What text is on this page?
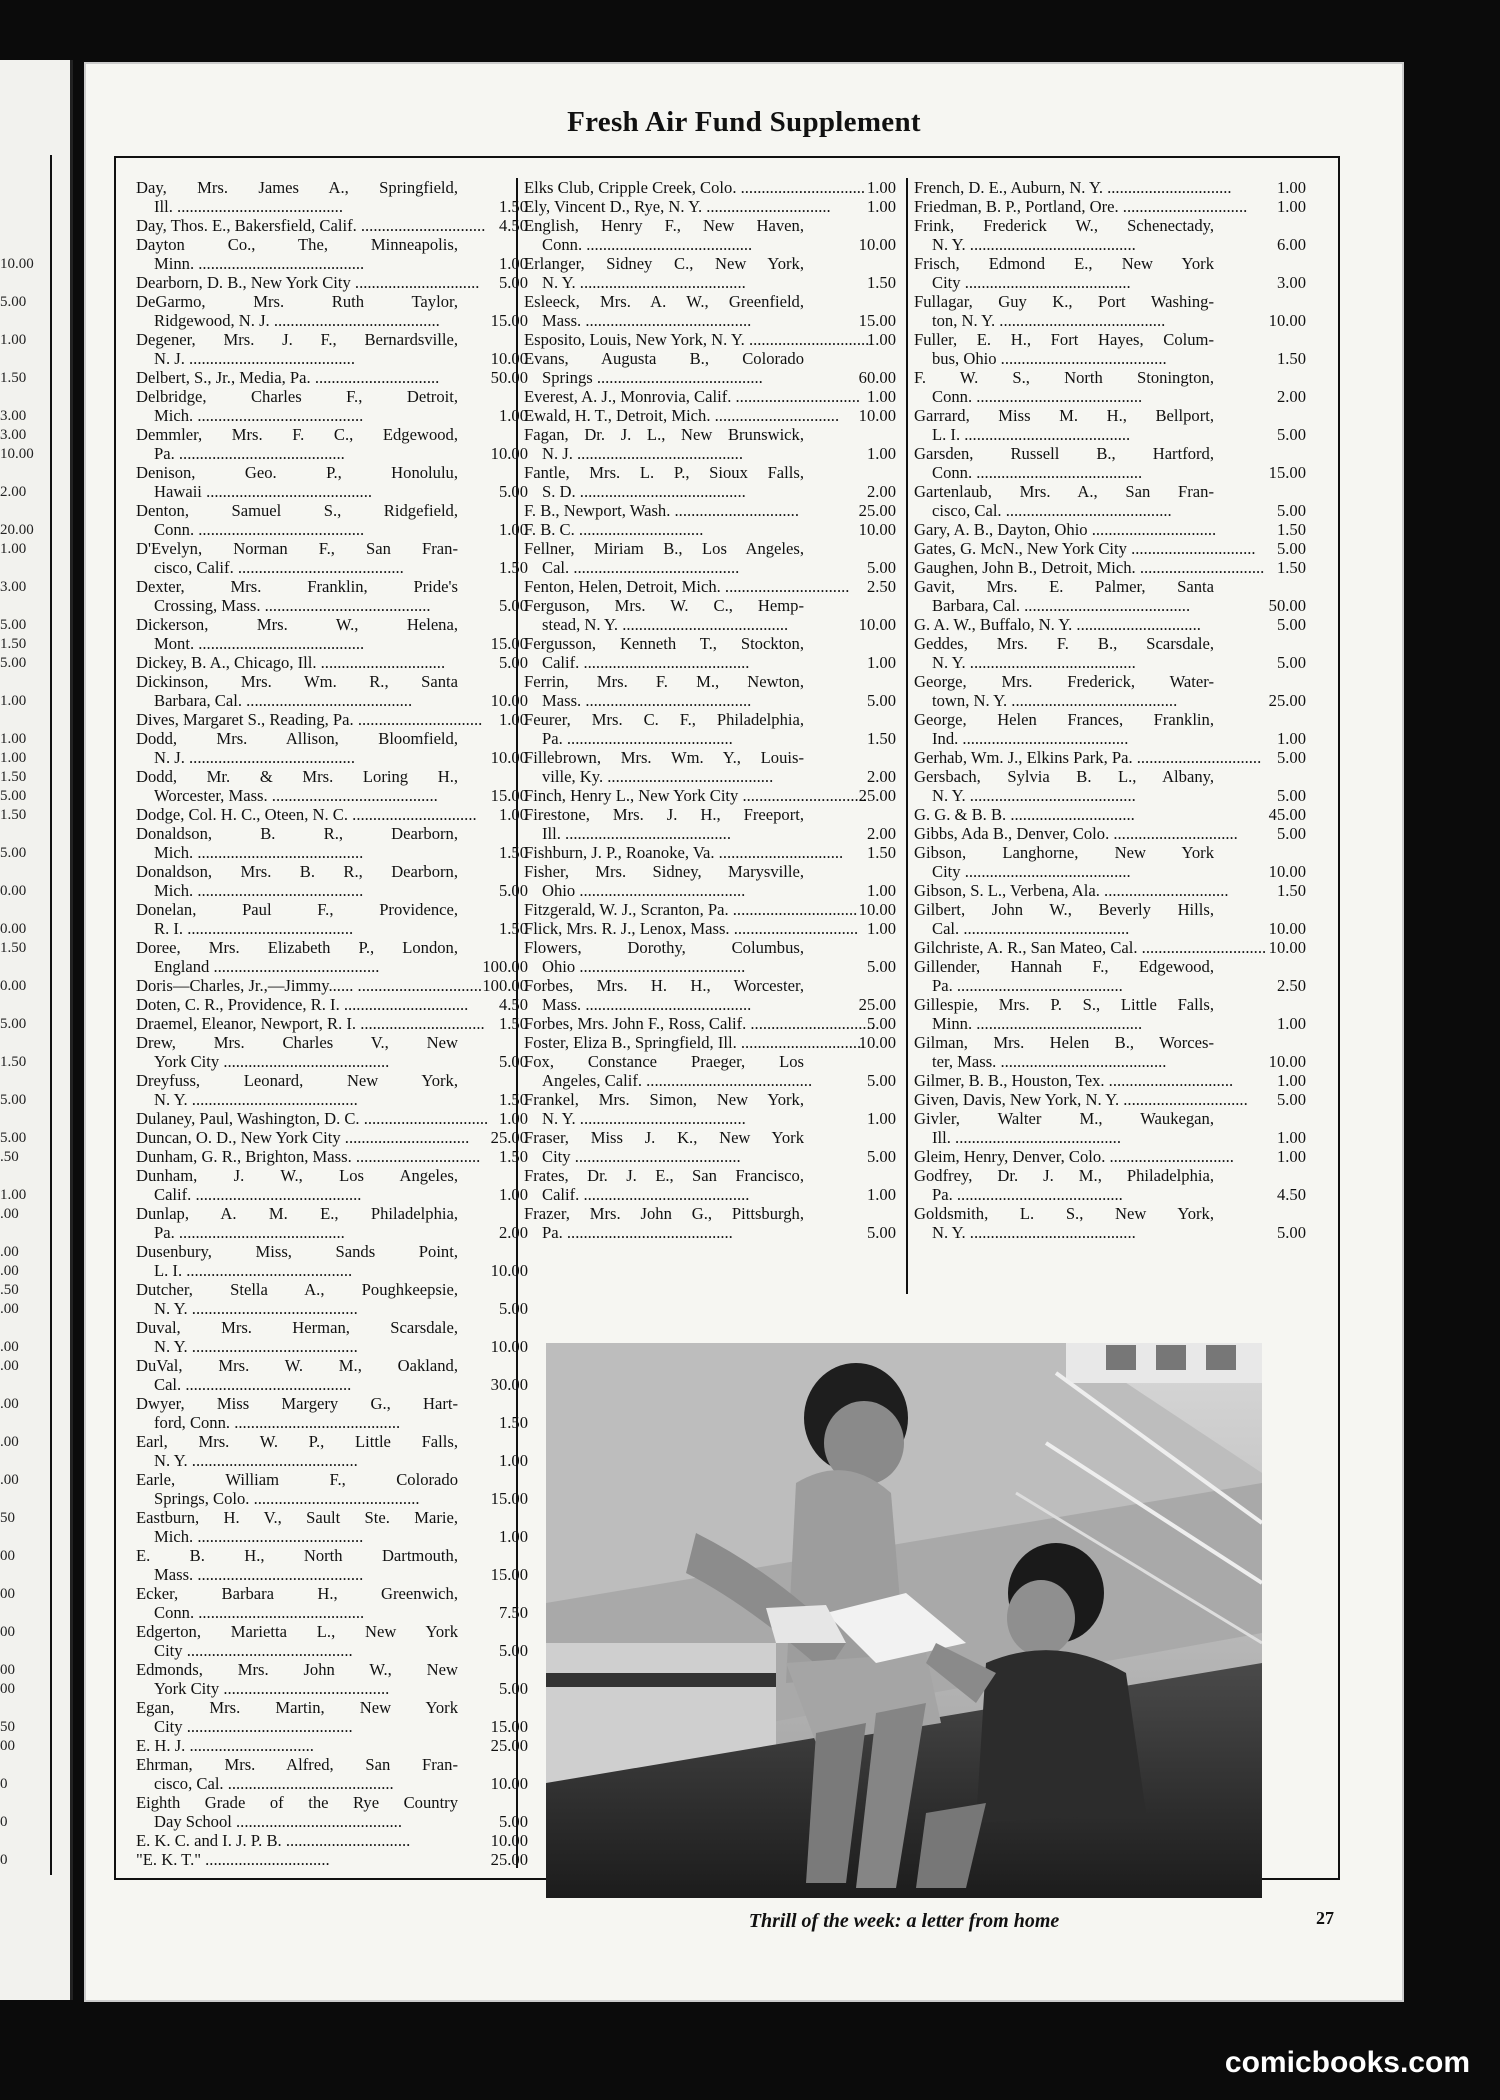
10.00

5.00

1.00

1.50

3.00
3.00
10.00

2.00

20.00
1.00

3.00

5.00
1.50
5.00

1.00

1.00
1.00
1.50
5.00
1.50

5.00

0.00

0.00
1.50

0.00

5.00

1.50

5.00

5.00
.50

1.00
.00

.00
.00
.50
.00

.00
.00

.00

.00

.00

50

00

00

00

00
00

50
00

0

0

0
Fresh Air Fund Supplement
Day, Mrs. James A., Springfield,
Ill. ........................................	1.50
Day, Thos. E., Bakersfield, Calif. .............................. 4.50
Dayton Co., The, Minneapolis,
Minn. ........................................	1.00
Dearborn, D. B., New York City ..............................	5.00
DeGarmo, Mrs. Ruth Taylor,
Ridgewood, N. J. ........................................	15.00
Degener, Mrs. J. F., Bernardsville,
N. J. ........................................	10.00
Delbert, S., Jr., Media, Pa. ..............................	50.00
Delbridge, Charles F., Detroit,
Mich. ........................................	1.00
Demmler, Mrs. F. C., Edgewood,
Pa. ........................................	10.00
Denison, Geo. P., Honolulu,
Hawaii ........................................	5.00
Denton, Samuel S., Ridgefield,
Conn. ........................................	1.00
D'Evelyn, Norman F., San Fran-
cisco, Calif. ........................................	1.50
Dexter, Mrs. Franklin, Pride's
Crossing, Mass. ........................................	5.00
Dickerson, Mrs. W., Helena,
Mont. ........................................	15.00
Dickey, B. A., Chicago, Ill. ..............................	5.00
Dickinson, Mrs. Wm. R., Santa
Barbara, Cal. ........................................	10.00
Dives, Margaret S., Reading, Pa. ..............................	1.00
Dodd, Mrs. Allison, Bloomfield,
N. J. ........................................	10.00
Dodd, Mr. & Mrs. Loring H.,
Worcester, Mass. ........................................	15.00
Dodge, Col. H. C., Oteen, N. C. ..............................	1.00
Donaldson, B. R., Dearborn,
Mich. ........................................	1.50
Donaldson, Mrs. B. R., Dearborn,
Mich. ........................................	5.00
Donelan, Paul F., Providence,
R. I. ........................................	1.50
Doree, Mrs. Elizabeth P., London,
England ........................................	100.00
Doris—Charles, Jr.,—Jimmy...... .............................. 100.00
Doten, C. R., Providence, R. I. ..............................	4.50
Draemel, Eleanor, Newport, R. I. .............................. 1.50
Drew, Mrs. Charles V., New
York City ........................................	5.00
Dreyfuss, Leonard, New York,
N. Y. ........................................	1.50
Dulaney, Paul, Washington, D. C. .............................. 1.00
Duncan, O. D., New York City ..............................	25.00
Dunham, G. R., Brighton, Mass. ..............................	1.50
Dunham, J. W., Los Angeles,
Calif. ........................................	1.00
Dunlap, A. M. E., Philadelphia,
Pa. ........................................	2.00
Dusenbury, Miss, Sands Point,
L. I. ........................................	10.00
Dutcher, Stella A., Poughkeepsie,
N. Y. ........................................	5.00
Duval, Mrs. Herman, Scarsdale,
N. Y. ........................................	10.00
DuVal, Mrs. W. M., Oakland,
Cal. ........................................	30.00
Dwyer, Miss Margery G., Hart-
ford, Conn. ........................................	1.50
Earl, Mrs. W. P., Little Falls,
N. Y. ........................................	1.00
Earle, William F., Colorado
Springs, Colo. ........................................	15.00
Eastburn, H. V., Sault Ste. Marie,
Mich. ........................................	1.00
E. B. H., North Dartmouth,
Mass. ........................................	15.00
Ecker, Barbara H., Greenwich,
Conn. ........................................	7.50
Edgerton, Marietta L., New York
City ........................................	5.00
Edmonds, Mrs. John W., New
York City ........................................	5.00
Egan, Mrs. Martin, New York
City ........................................	15.00
E. H. J. ..............................	25.00
Ehrman, Mrs. Alfred, San Fran-
cisco, Cal. ........................................	10.00
Eighth Grade of the Rye Country
Day School ........................................	5.00
E. K. C. and I. J. P. B. ..............................	10.00
"E. K. T." ..............................	25.00
Elks Club, Cripple Creek, Colo. .............................. 1.00
Ely, Vincent D., Rye, N. Y. ..............................	1.00
English, Henry F., New Haven,
Conn. ........................................	10.00
Erlanger, Sidney C., New York,
N. Y. ........................................	1.50
Esleeck, Mrs. A. W., Greenfield,
Mass. ........................................	15.00
Esposito, Louis, New York, N. Y. ..............................
1.00
Evans, Augusta B., Colorado
Springs ........................................	60.00
Everest, A. J., Monrovia, Calif. .............................. 1.00
Ewald, H. T., Detroit, Mich. ..............................	10.00
Fagan, Dr. J. L., New Brunswick,
N. J. ........................................	1.00
Fantle, Mrs. L. P., Sioux Falls,
S. D. ........................................	2.00
F. B., Newport, Wash. ..............................	25.00
F. B. C. ..............................	10.00
Fellner, Miriam B., Los Angeles,
Cal. ........................................	5.00
Fenton, Helen, Detroit, Mich. ..............................	2.50
Ferguson, Mrs. W. C., Hemp-
stead, N. Y. ........................................	10.00
Fergusson, Kenneth T., Stockton,
Calif. ........................................	1.00
Ferrin, Mrs. F. M., Newton,
Mass. ........................................	5.00
Feurer, Mrs. C. F., Philadelphia,
Pa. ........................................	1.50
Fillebrown, Mrs. Wm. Y., Louis-
ville, Ky. ........................................	2.00
Finch, Henry L., New York City ..............................
25.00
Firestone, Mrs. J. H., Freeport,
Ill. ........................................	2.00
Fishburn, J. P., Roanoke, Va. ..............................	1.50
Fisher, Mrs. Sidney, Marysville,
Ohio ........................................	1.00
Fitzgerald, W. J., Scranton, Pa. .............................. 10.00
Flick, Mrs. R. J., Lenox, Mass. .............................. 1.00
Flowers, Dorothy, Columbus,
Ohio ........................................	5.00
Forbes, Mrs. H. H., Worcester,
Mass. ........................................	25.00
Forbes, Mrs. John F., Ross, Calif. ..............................
5.00
Foster, Eliza B., Springfield, Ill. ..............................
10.00
Fox, Constance Praeger, Los
Angeles, Calif. ........................................	5.00
Frankel, Mrs. Simon, New York,
N. Y. ........................................	1.00
Fraser, Miss J. K., New York
City ........................................	5.00
Frates, Dr. J. E., San Francisco,
Calif. ........................................	1.00
Frazer, Mrs. John G., Pittsburgh,
Pa. ........................................	5.00
French, D. E., Auburn, N. Y. ..............................	1.00
Friedman, B. P., Portland, Ore. ..............................	1.00
Frink, Frederick W., Schenectady,
N. Y. ........................................	6.00
Frisch, Edmond E., New York
City ........................................	3.00
Fullagar, Guy K., Port Washing-
ton, N. Y. ........................................	10.00
Fuller, E. H., Fort Hayes, Colum-
bus, Ohio ........................................	1.50
F. W. S., North Stonington,
Conn. ........................................	2.00
Garrard, Miss M. H., Bellport,
L. I. ........................................	5.00
Garsden, Russell B., Hartford,
Conn. ........................................	15.00
Gartenlaub, Mrs. A., San Fran-
cisco, Cal. ........................................	5.00
Gary, A. B., Dayton, Ohio ..............................	1.50
Gates, G. McN., New York City ..............................	5.00
Gaughen, John B., Detroit, Mich. .............................. 1.50
Gavit, Mrs. E. Palmer, Santa
Barbara, Cal. ........................................	50.00
G. A. W., Buffalo, N. Y. ..............................	5.00
Geddes, Mrs. F. B., Scarsdale,
N. Y. ........................................	5.00
George, Mrs. Frederick, Water-
town, N. Y. ........................................	25.00
George, Helen Frances, Franklin,
Ind. ........................................	1.00
Gerhab, Wm. J., Elkins Park, Pa. .............................. 5.00
Gersbach, Sylvia B. L., Albany,
N. Y. ........................................	5.00
G. G. & B. B. ..............................	45.00
Gibbs, Ada B., Denver, Colo. ..............................	5.00
Gibson, Langhorne, New York
City ........................................	10.00
Gibson, S. L., Verbena, Ala. ..............................	1.50
Gilbert, John W., Beverly Hills,
Cal. ........................................	10.00
Gilchriste, A. R., San Mateo, Cal. .............................. 10.00
Gillender, Hannah F., Edgewood,
Pa. ........................................	2.50
Gillespie, Mrs. P. S., Little Falls,
Minn. ........................................	1.00
Gilman, Mrs. Helen B., Worces-
ter, Mass. ........................................	10.00
Gilmer, B. B., Houston, Tex. ..............................	1.00
Given, Davis, New York, N. Y. ..............................	5.00
Givler, Walter M., Waukegan,
Ill. ........................................	1.00
Gleim, Henry, Denver, Colo. ..............................	1.00
Godfrey, Dr. J. M., Philadelphia,
Pa. ........................................	4.50
Goldsmith, L. S., New York,
N. Y. ........................................	5.00
Thrill of the week: a letter from home	27
comicbooks.com
